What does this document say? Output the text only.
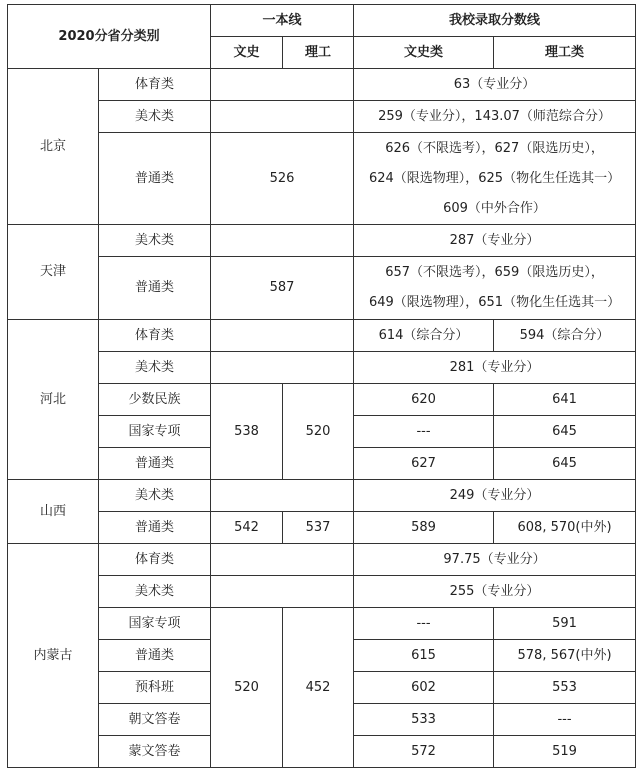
2020分省分类别		一本线		我校录取分数线	
		文史	理工	文史类	理工类
北京	体育类			63（专业分）	
	美术类			259（专业分），143.07（师范综合分）	
	普通类	526		626（不限选考），627（限选历史），
624（限选物理），625（物化生任选其一）
609（中外合作）	

天津	美术类			287（专业分）	
	普通类	587		657（不限选考），659（限选历史），
649（限选物理），651（物化生任选其一）	

河北	体育类			614（综合分）	594（综合分）
	美术类			281（专业分）	
	少数民族	538	520	620	641
	国家专项			---	645
	普通类			627	645
山西	美术类			249（专业分）	
	普通类	542	537	589	608, 570(中外)
内蒙古	体育类			97.75（专业分）	
	美术类			255（专业分）	
	国家专项	520	452	---	591
	普通类			615	578, 567(中外)
	预科班			602	553
	朝文答卷			533	---
	蒙文答卷			572	519
